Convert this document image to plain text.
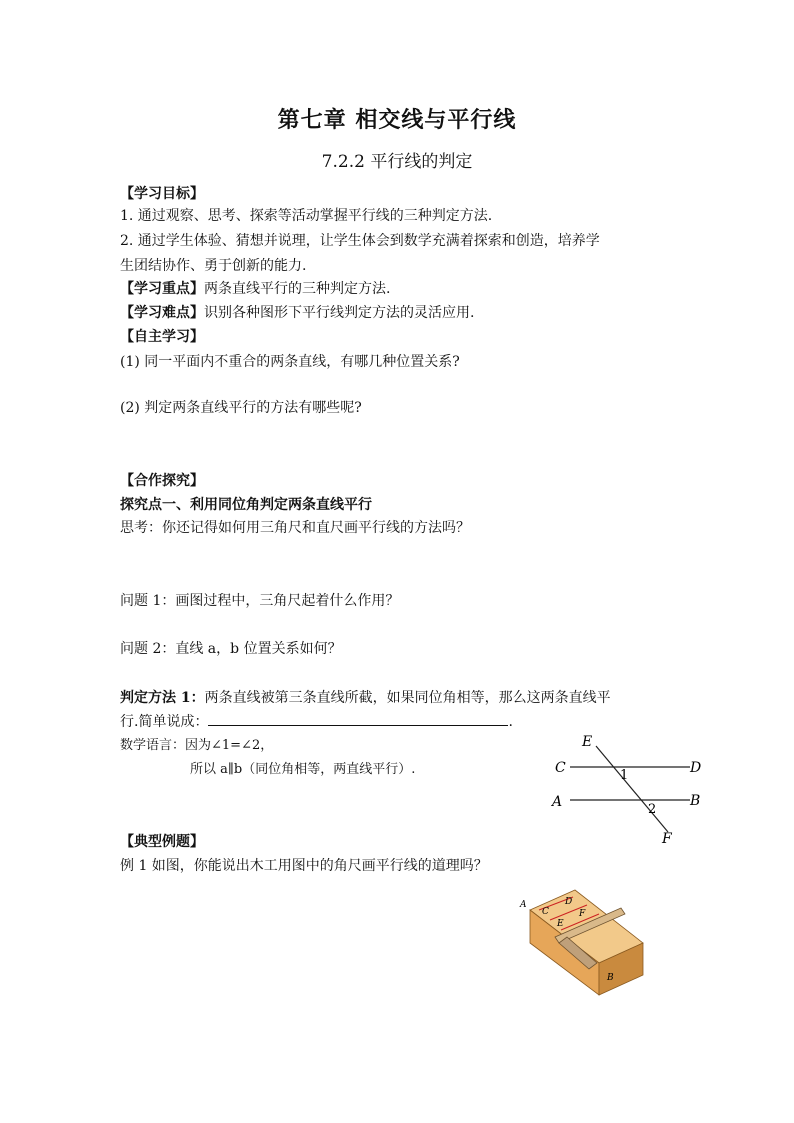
第七章 相交线与平行线
7.2.2 平行线的判定
【学习目标】
1. 通过观察、思考、探索等活动掌握平行线的三种判定方法.
2. 通过学生体验、猜想并说理，让学生体会到数学充满着探索和创造，培养学
生团结协作、勇于创新的能力.
【学习重点】两条直线平行的三种判定方法.
【学习难点】识别各种图形下平行线判定方法的灵活应用.
【自主学习】
(1) 同一平面内不重合的两条直线，有哪几种位置关系?
(2) 判定两条直线平行的方法有哪些呢?
【合作探究】
探究点一、利用同位角判定两条直线平行
思考：你还记得如何用三角尺和直尺画平行线的方法吗？
问题 1：画图过程中，三角尺起着什么作用？
问题 2：直线 a，b 位置关系如何？
判定方法 1：两条直线被第三条直线所截，如果同位角相等，那么这两条直线平
行.简单说成：	.
数学语言：因为∠1=∠2，
所以 a∥b（同位角相等，两直线平行）.
E
C	D
A	B
F
1
2
【典型例题】
例 1 如图，你能说出木工用图中的角尺画平行线的道理吗？
A
C
D
E
F
B
